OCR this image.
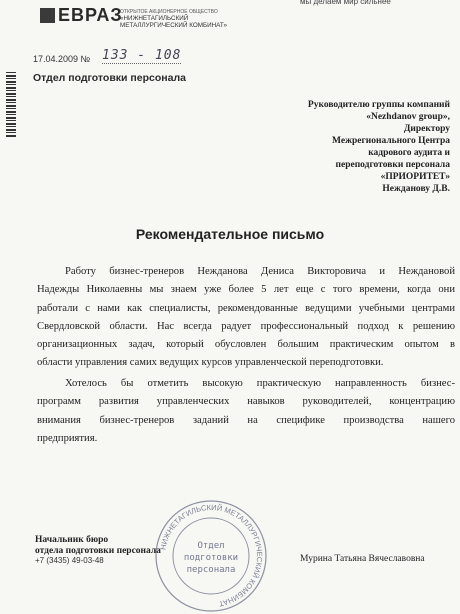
ЕВРАЗ
ОТКРЫТОЕ АКЦИОНЕРНОЕ ОБЩЕСТВО
«НИЖНЕТАГИЛЬСКИЙ
МЕТАЛЛУРГИЧЕСКИЙ КОМБИНАТ»
мы делаем мир сильнее
17.04.2009 № 133 - 108
Отдел подготовки персонала
Руководителю группы компаний
«Nezhdanov group»,
Директору
Межрегионального Центра
кадрового аудита и
переподготовки персонала
«ПРИОРИТЕТ»
Нежданову Д.В.
Рекомендательное письмо
Работу бизнес-тренеров Нежданова Дениса Викторовича и Неждановой
Надежды Николаевны мы знаем уже более 5 лет еще с того времени, когда они
работали с нами как специалисты, рекомендованные ведущими учебными центрами
Свердловской области. Нас всегда радует профессиональный подход к решению
организационных задач, который обусловлен большим практическим опытом в
области управления самих ведущих курсов управленческой переподготовки.
Хотелось бы отметить высокую практическую направленность бизнес-
программ развития управленческих навыков руководителей, концентрацию
внимания бизнес-тренеров заданий на специфике производства нашего
предприятия.
Начальник бюро
отдела подготовки персонала
+7 (3435) 49-03-48	Мурина Татьяна Вячеславовна
НИЖНЕТАГИЛЬСКИЙ МЕТАЛЛУРГИЧЕСКИЙ КОМБИНАТ
Отдел
подготовки
персонала
